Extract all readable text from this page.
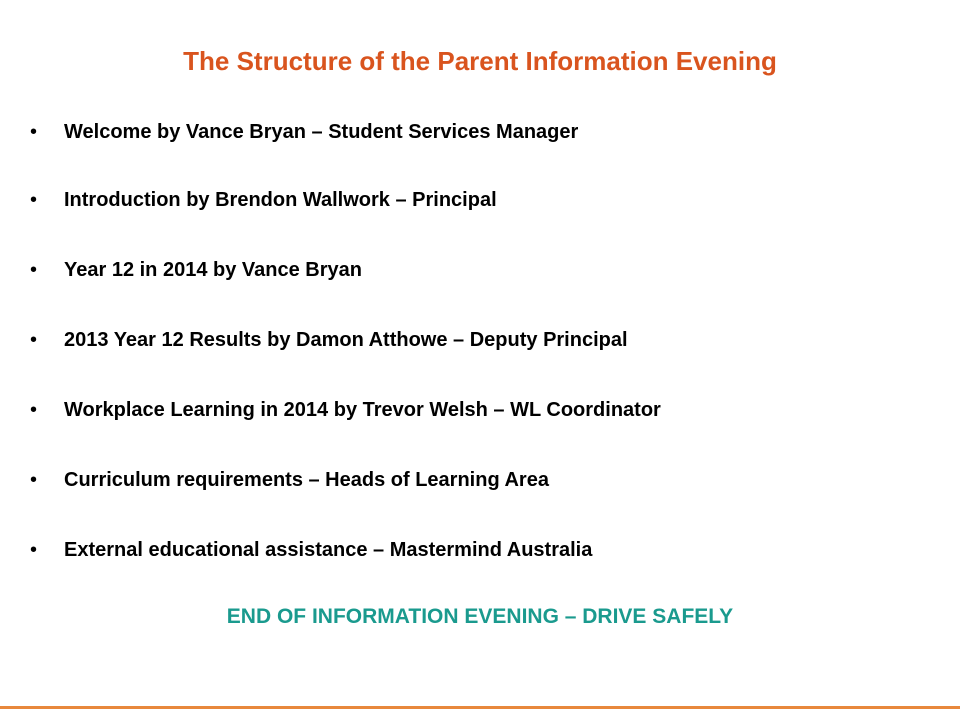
The Structure of the Parent Information Evening
•	Welcome by Vance Bryan – Student Services Manager
•	Introduction by Brendon Wallwork – Principal
•	Year 12 in 2014 by Vance Bryan
•	2013 Year 12 Results by Damon Atthowe – Deputy Principal
•	Workplace Learning in 2014 by Trevor Welsh – WL Coordinator
•	Curriculum requirements – Heads of Learning Area
•	External educational assistance – Mastermind Australia
END OF INFORMATION EVENING – DRIVE SAFELY
